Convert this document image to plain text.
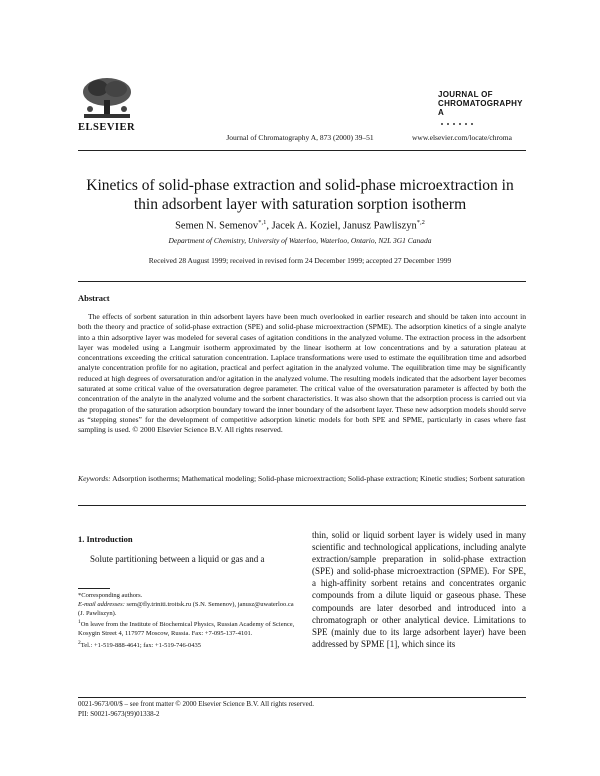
ELSEVIER
Journal of Chromatography A, 873 (2000) 39–51
JOURNAL OF
CHROMATOGRAPHY A
www.elsevier.com/locate/chroma
Kinetics of solid-phase extraction and solid-phase microextraction in thin adsorbent layer with saturation sorption isotherm
Semen N. Semenov$^{*,1}$, Jacek A. Koziel, Janusz Pawliszyn$^{*,2}$
Department of Chemistry, University of Waterloo, Waterloo, Ontario, N2L 3G1 Canada
Received 28 August 1999; received in revised form 24 December 1999; accepted 27 December 1999
Abstract
The effects of sorbent saturation in thin adsorbent layers have been much overlooked in earlier research and should be taken into account in both the theory and practice of solid-phase extraction (SPE) and solid-phase microextraction (SPME). The adsorption kinetics of a single analyte into a thin adsorptive layer was modeled for several cases of agitation conditions in the analyzed volume. The extraction process in the adsorbent layer was modeled using a Langmuir isotherm approximated by the linear isotherm at low concentrations and by a saturation plateau at concentrations exceeding the critical saturation concentration. Laplace transformations were used to estimate the equilibration time and adsorbed analyte concentration profile for no agitation, practical and perfect agitation in the analyzed volume. The equilibration time may be significantly reduced at high degrees of oversaturation and/or agitation in the analyzed volume. The resulting models indicated that the adsorbent layer becomes saturated at some critical value of the oversaturation degree parameter. The critical value of the oversaturation parameter is affected by both the concentration of the analyte in the analyzed volume and the sorbent characteristics. It was also shown that the adsorption process is carried out via the propagation of the saturation adsorption boundary toward the inner boundary of the adsorbent layer. These new adsorption models should serve as “stepping stones” for the development of competitive adsorption kinetic models for both SPE and SPME, particularly in cases where fast sampling is used. © 2000 Elsevier Science B.V. All rights reserved.
Keywords: Adsorption isotherms; Mathematical modeling; Solid-phase microextraction; Solid-phase extraction; Kinetic studies; Sorbent saturation
1. Introduction
Solute partitioning between a liquid or gas and a
*Corresponding authors.
E-mail addresses: sem@fly.triniti.troitsk.ru (S.N. Semenov), janusz@uwaterloo.ca (J. Pawliszyn).
$^1$On leave from the Institute of Biochemical Physics, Russian Academy of Science, Kosygin Street 4, 117977 Moscow, Russia. Fax: +7-095-137-4101.
$^2$Tel.: +1-519-888-4641; fax: +1-519-746-0435
thin, solid or liquid sorbent layer is widely used in many scientific and technological applications, including analyte extraction/sample preparation in solid-phase extraction (SPE) and solid-phase microextraction (SPME). For SPE, a high-affinity sorbent retains and concentrates organic compounds from a dilute liquid or gaseous phase. These compounds are later desorbed and introduced into a chromatograph or other analytical device. Limitations to SPE (mainly due to its large adsorbent layer) have been addressed by SPME [1], which since its
0021-9673/00/$ – see front matter © 2000 Elsevier Science B.V. All rights reserved.
PII: S0021-9673(99)01338-2
